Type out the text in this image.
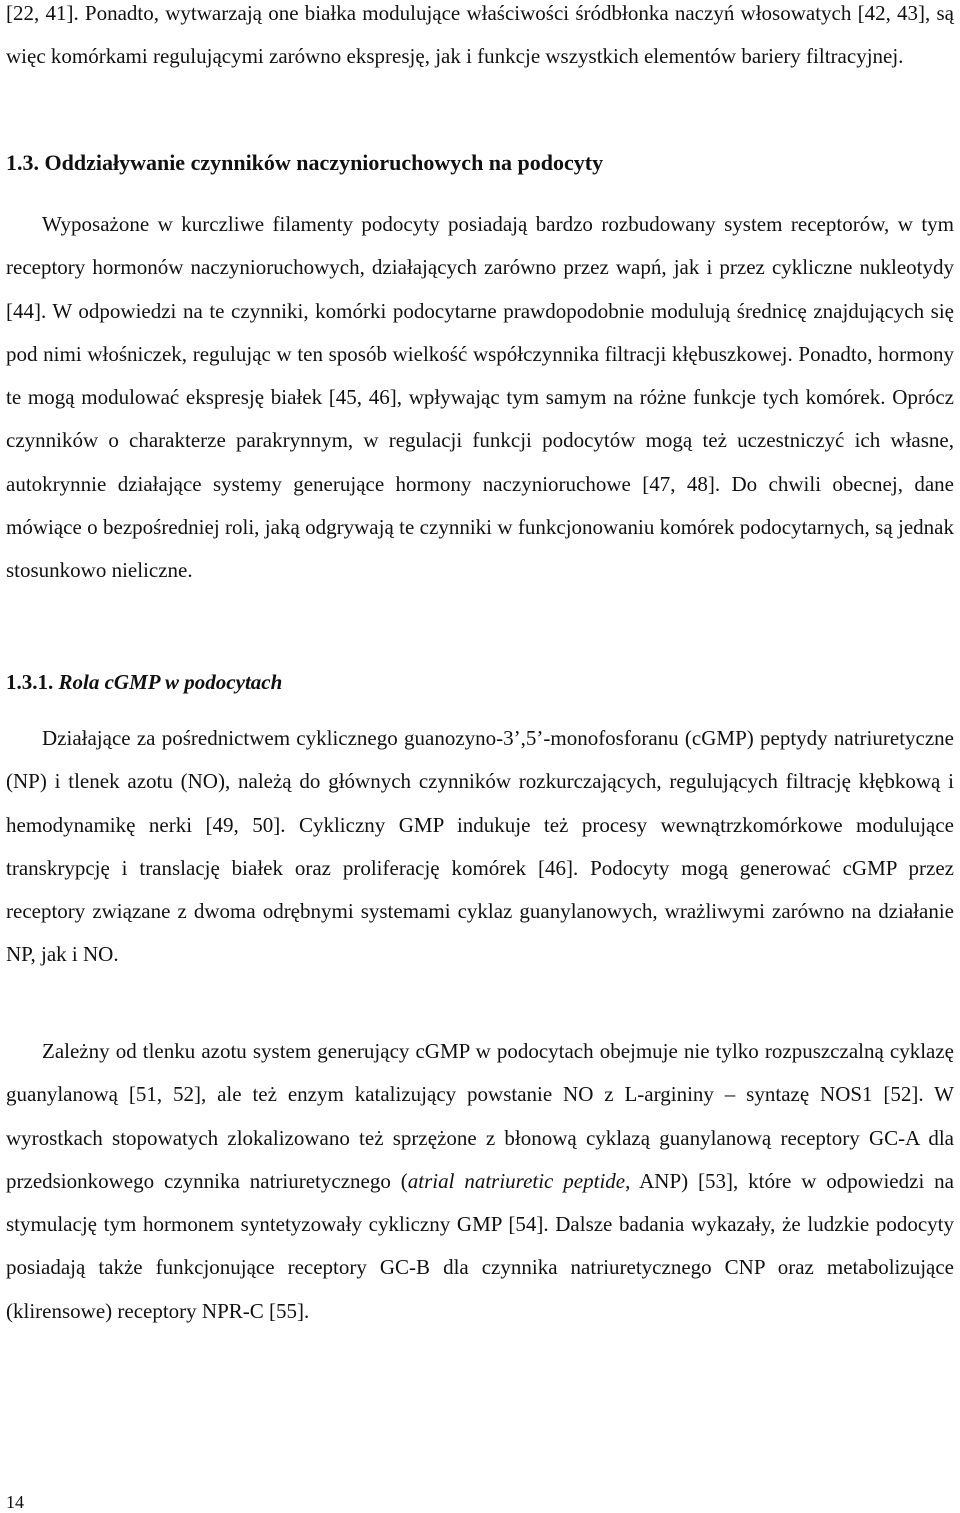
[22, 41]. Ponadto, wytwarzają one białka modulujące właściwości śródbłonka naczyń włosowatych [42, 43], są więc komórkami regulującymi zarówno ekspresję, jak i funkcje wszystkich elementów bariery filtracyjnej.

1.3. Oddziaływanie czynników naczynioruchowych na podocyty

Wyposażone w kurczliwe filamenty podocyty posiadają bardzo rozbudowany system receptorów, w tym receptory hormonów naczynioruchowych, działających zarówno przez wapń, jak i przez cykliczne nukleotydy [44]. W odpowiedzi na te czynniki, komórki podocytarne prawdopodobnie modulują średnicę znajdujących się pod nimi włośniczek, regulując w ten sposób wielkość współczynnika filtracji kłębuszkowej. Ponadto, hormony te mogą modulować ekspresję białek [45, 46], wpływając tym samym na różne funkcje tych komórek. Oprócz czynników o charakterze parakrynnym, w regulacji funkcji podocytów mogą też uczestniczyć ich własne, autokrynnie działające systemy generujące hormony naczynioruchowe [47, 48]. Do chwili obecnej, dane mówiące o bezpośredniej roli, jaką odgrywają te czynniki w funkcjonowaniu komórek podocytarnych, są jednak stosunkowo nieliczne.

1.3.1. Rola cGMP w podocytach

Działające za pośrednictwem cyklicznego guanozyno-3’,5’-monofosforanu (cGMP) peptydy natriuretyczne (NP) i tlenek azotu (NO), należą do głównych czynników rozkurczających, regulujących filtrację kłębkową i hemodynamikę nerki [49, 50]. Cykliczny GMP indukuje też procesy wewnątrzkomórkowe modulujące transkrypcję i translację białek oraz proliferację komórek [46]. Podocyty mogą generować cGMP przez receptory związane z dwoma odrębnymi systemami cyklaz guanylanowych, wrażliwymi zarówno na działanie NP, jak i NO.

Zależny od tlenku azotu system generujący cGMP w podocytach obejmuje nie tylko rozpuszczalną cyklazę guanylanową [51, 52], ale też enzym katalizujący powstanie NO z L-argininy – syntazę NOS1 [52]. W wyrostkach stopowatych zlokalizowano też sprzężone z błonową cyklazą guanylanową receptory GC-A dla przedsionkowego czynnika natriuretycznego (atrial natriuretic peptide, ANP) [53], które w odpowiedzi na stymulację tym hormonem syntetyzowały cykliczny GMP [54]. Dalsze badania wykazały, że ludzkie podocyty posiadają także funkcjonujące receptory GC-B dla czynnika natriuretycznego CNP oraz metabolizujące (klirensowe) receptory NPR-C [55].

14
